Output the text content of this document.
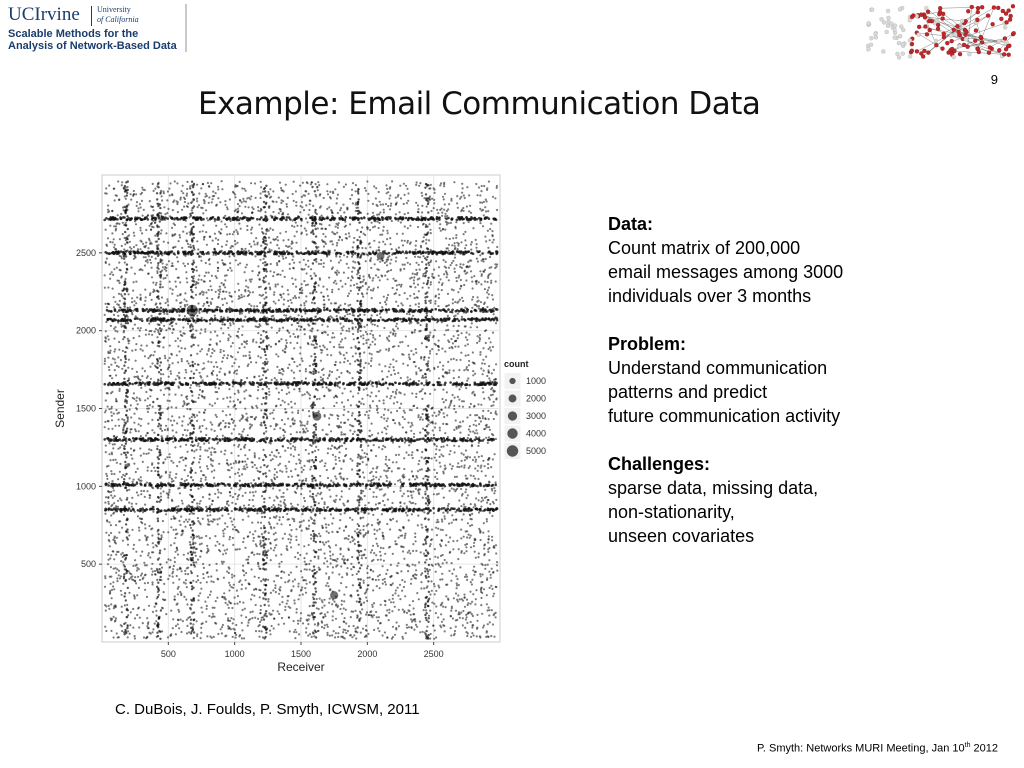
UCIrvine University
of California
Scalable Methods for the
Analysis of Network-Based Data
9
Example: Email Communication Data
500	1000	1500	2000	2500
500
1000
1500
2000
2500
Receiver
Sender
count
1000
2000
3000
4000
5000
Data:
Count matrix of 200,000
email messages among 3000
individuals over 3 months
Problem:
Understand communication
patterns and predict
future communication activity
Challenges:
sparse data, missing data,
non-stationarity,
unseen covariates
C. DuBois, J. Foulds, P. Smyth, ICWSM, 2011
P. Smyth: Networks MURI Meeting, Jan 10th 2012
